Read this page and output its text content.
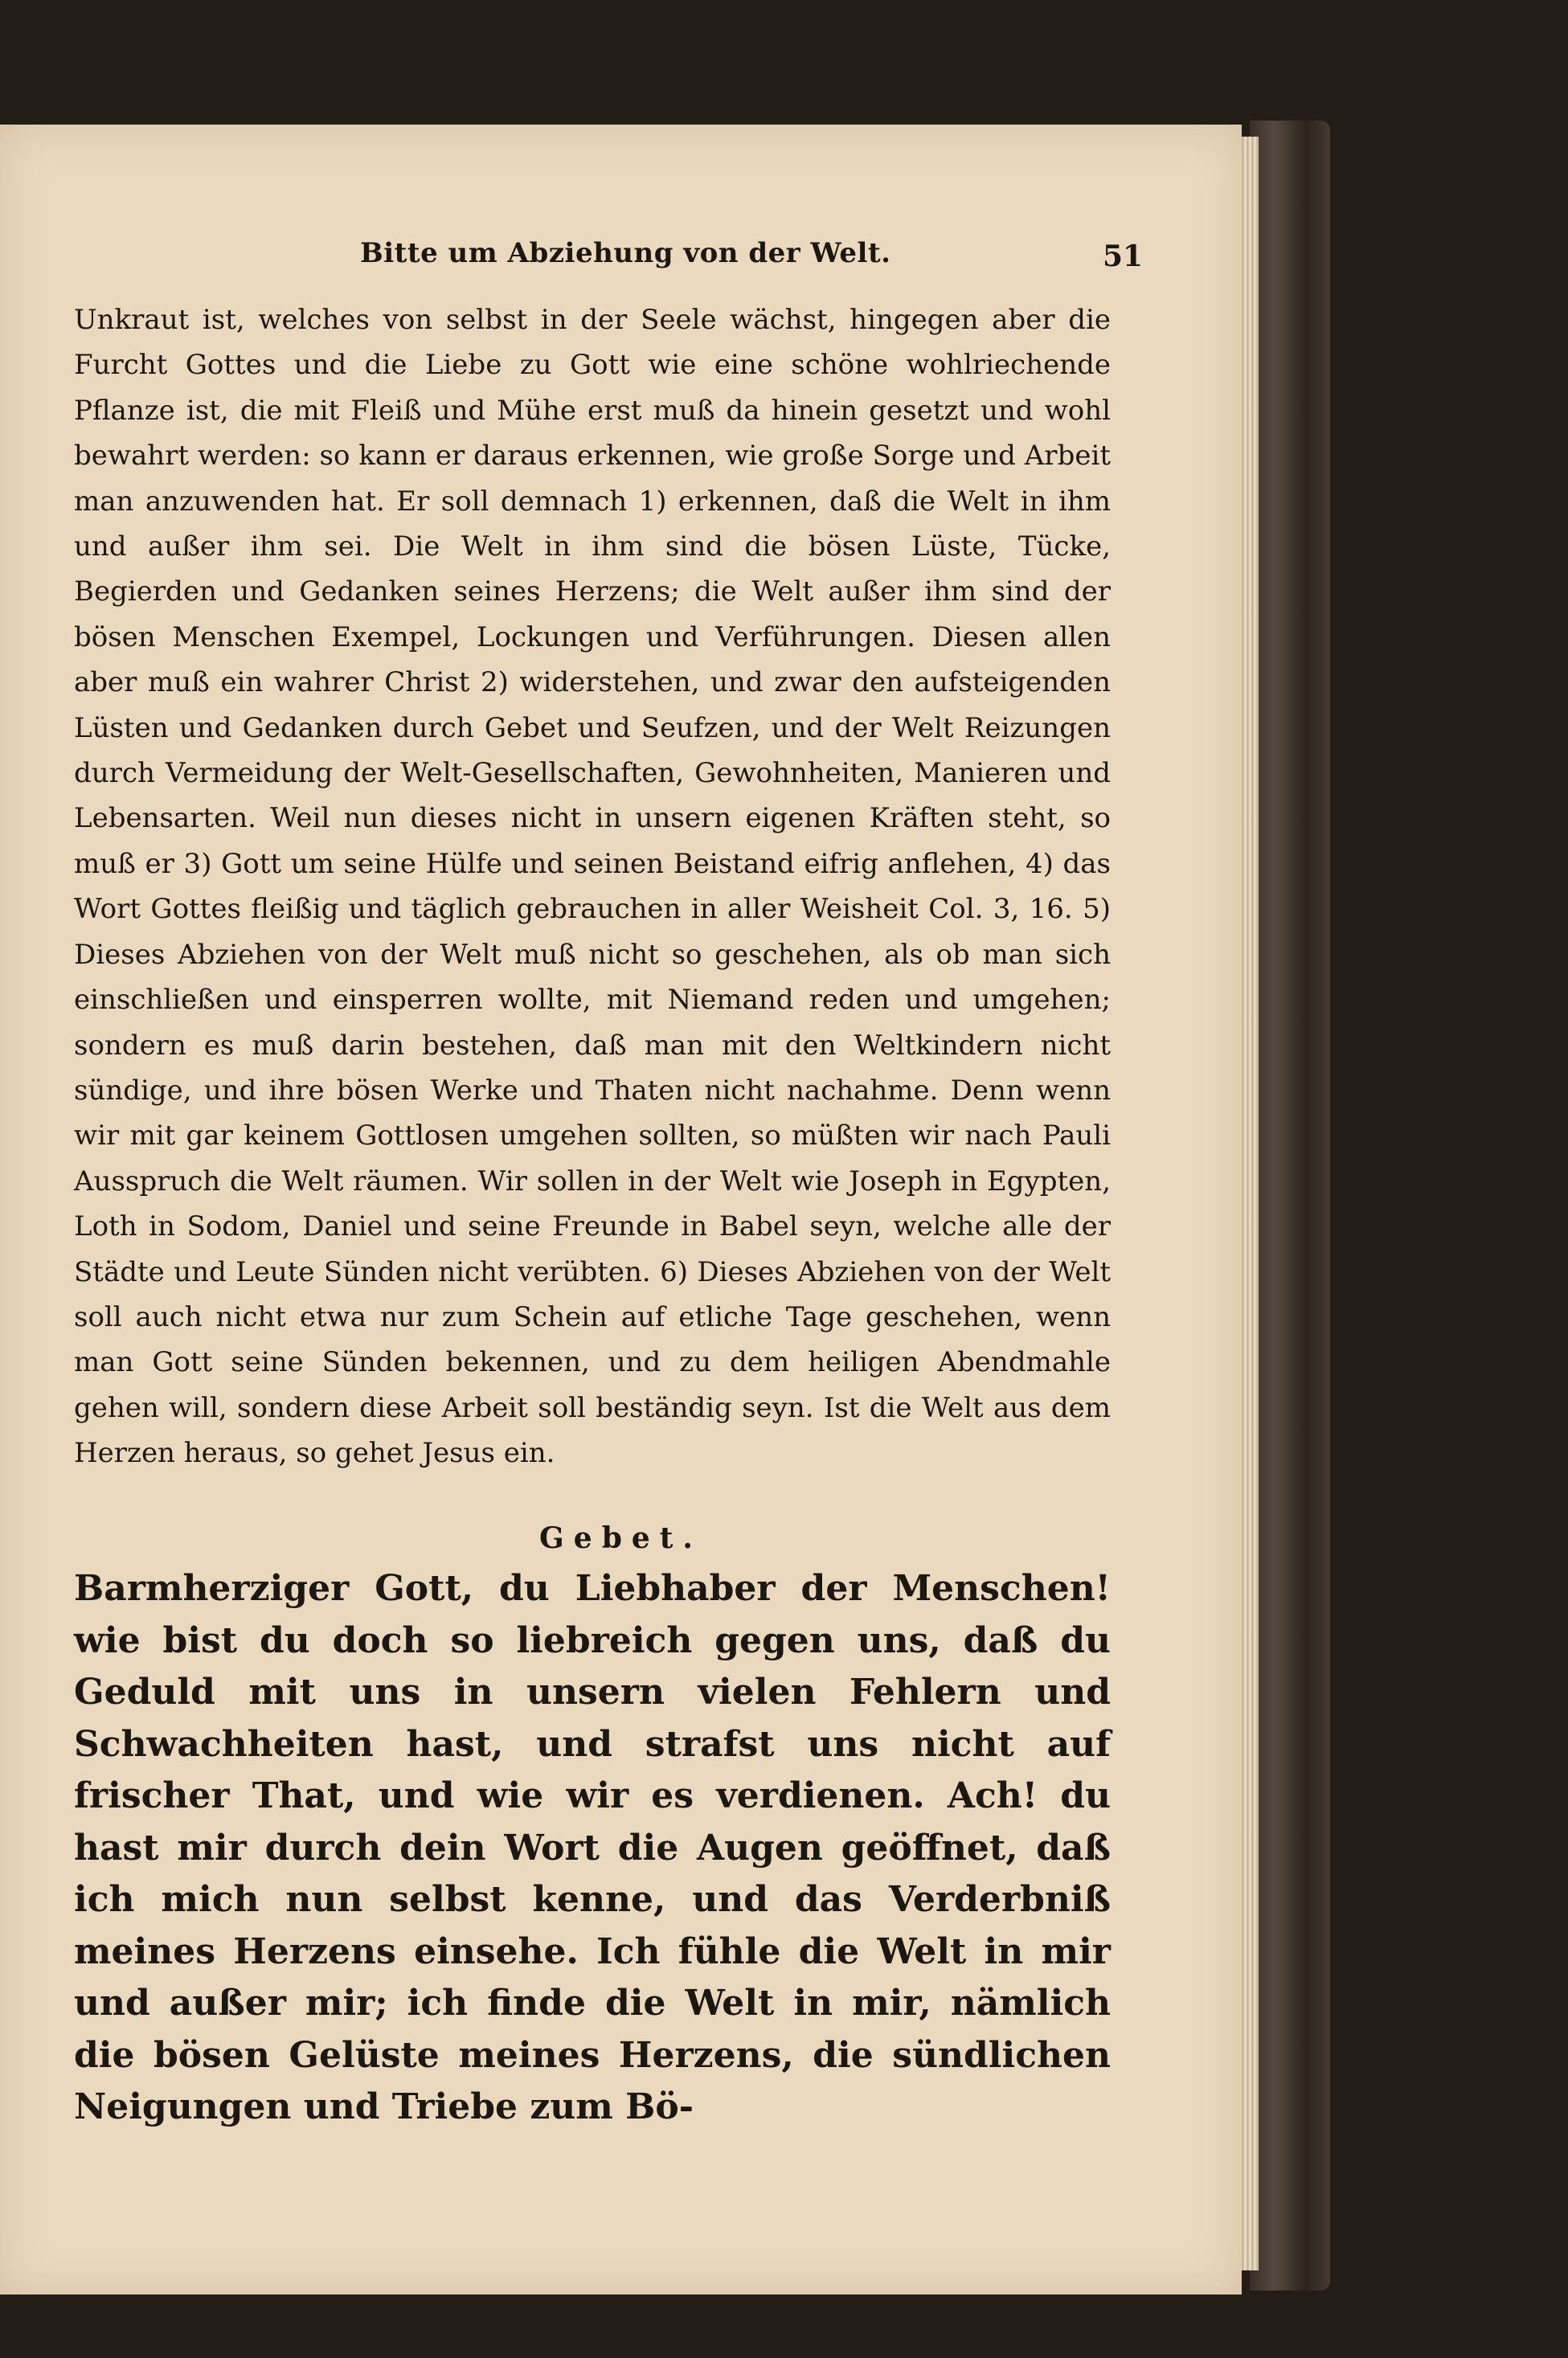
Bitte um Abziehung von der Welt.	51

Unkraut ist, welches von selbst in der Seele wächst, hingegen aber die Furcht Gottes und die Liebe zu Gott wie eine schöne wohlriechende Pflanze ist, die mit Fleiß und Mühe erst muß da hinein gesetzt und wohl bewahrt werden: so kann er daraus erkennen, wie große Sorge und Arbeit man anzuwenden hat. Er soll demnach 1) erkennen, daß die Welt in ihm und außer ihm sei. Die Welt in ihm sind die bösen Lüste, Tücke, Begierden und Gedanken seines Herzens; die Welt außer ihm sind der bösen Menschen Exempel, Lockungen und Verführungen. Diesen allen aber muß ein wahrer Christ 2) widerstehen, und zwar den aufsteigenden Lüsten und Gedanken durch Gebet und Seufzen, und der Welt Reizungen durch Vermeidung der Welt-Gesellschaften, Gewohnheiten, Manieren und Lebensarten. Weil nun dieses nicht in unsern eigenen Kräften steht, so muß er 3) Gott um seine Hülfe und seinen Beistand eifrig anflehen, 4) das Wort Gottes fleißig und täglich gebrauchen in aller Weisheit Col. 3, 16. 5) Dieses Abziehen von der Welt muß nicht so geschehen, als ob man sich einschließen und einsperren wollte, mit Niemand reden und umgehen; sondern es muß darin bestehen, daß man mit den Weltkindern nicht sündige, und ihre bösen Werke und Thaten nicht nachahme. Denn wenn wir mit gar keinem Gottlosen umgehen sollten, so müßten wir nach Pauli Ausspruch die Welt räumen. Wir sollen in der Welt wie Joseph in Egypten, Loth in Sodom, Daniel und seine Freunde in Babel seyn, welche alle der Städte und Leute Sünden nicht verübten. 6) Dieses Abziehen von der Welt soll auch nicht etwa nur zum Schein auf etliche Tage geschehen, wenn man Gott seine Sünden bekennen, und zu dem heiligen Abendmahle gehen will, sondern diese Arbeit soll beständig seyn. Ist die Welt aus dem Herzen heraus, so gehet Jesus ein.

Gebet.

Barmherziger Gott, du Liebhaber der Menschen! wie bist du doch so liebreich gegen uns, daß du Geduld mit uns in unsern vielen Fehlern und Schwachheiten hast, und strafst uns nicht auf frischer That, und wie wir es verdienen. Ach! du hast mir durch dein Wort die Augen geöffnet, daß ich mich nun selbst kenne, und das Verderbniß meines Herzens einsehe. Ich fühle die Welt in mir und außer mir; ich finde die Welt in mir, nämlich die bösen Gelüste meines Herzens, die sündlichen Neigungen und Triebe zum Bö-
